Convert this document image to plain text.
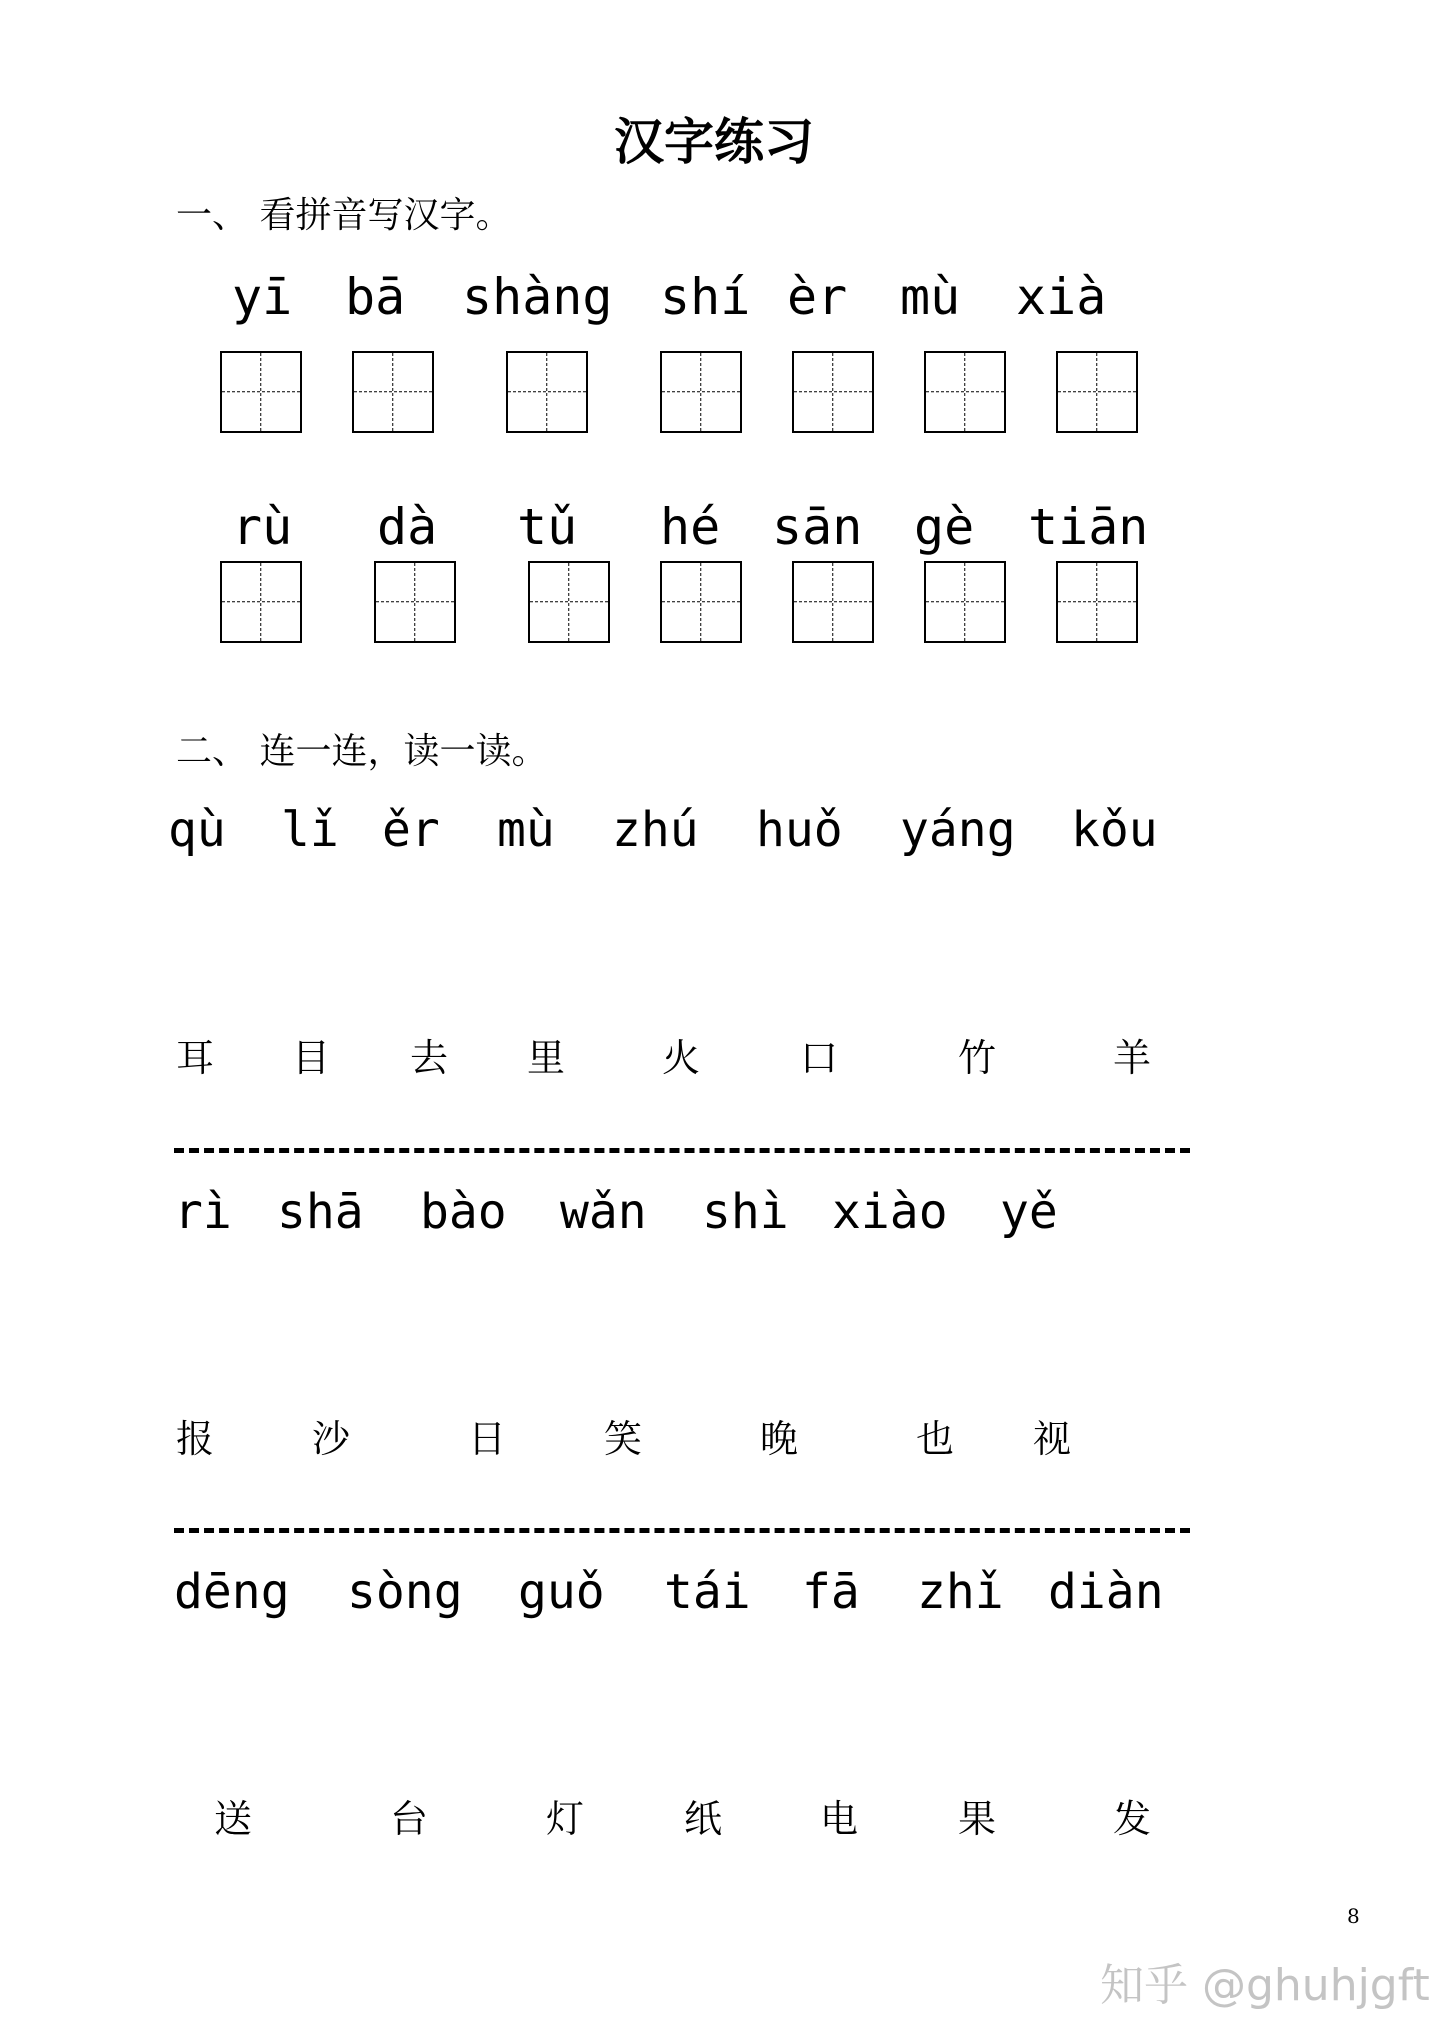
汉字练习
一、 看拼音写汉字。
yī bā shàng shí èr mù xià
rù dà tǔ hé sān gè tiān
二、 连一连，读一读。
qù lǐ ěr mù zhú huǒ yáng kǒu
耳 目 去 里	火	口	竹	羊
rì shā bào wǎn shì xiào yě
报	沙	日	笑	晚	也 视
dēng sòng guǒ tái fā zhǐ diàn
送	台	灯	纸	电	果	发
8
知乎 @ghuhjgft
